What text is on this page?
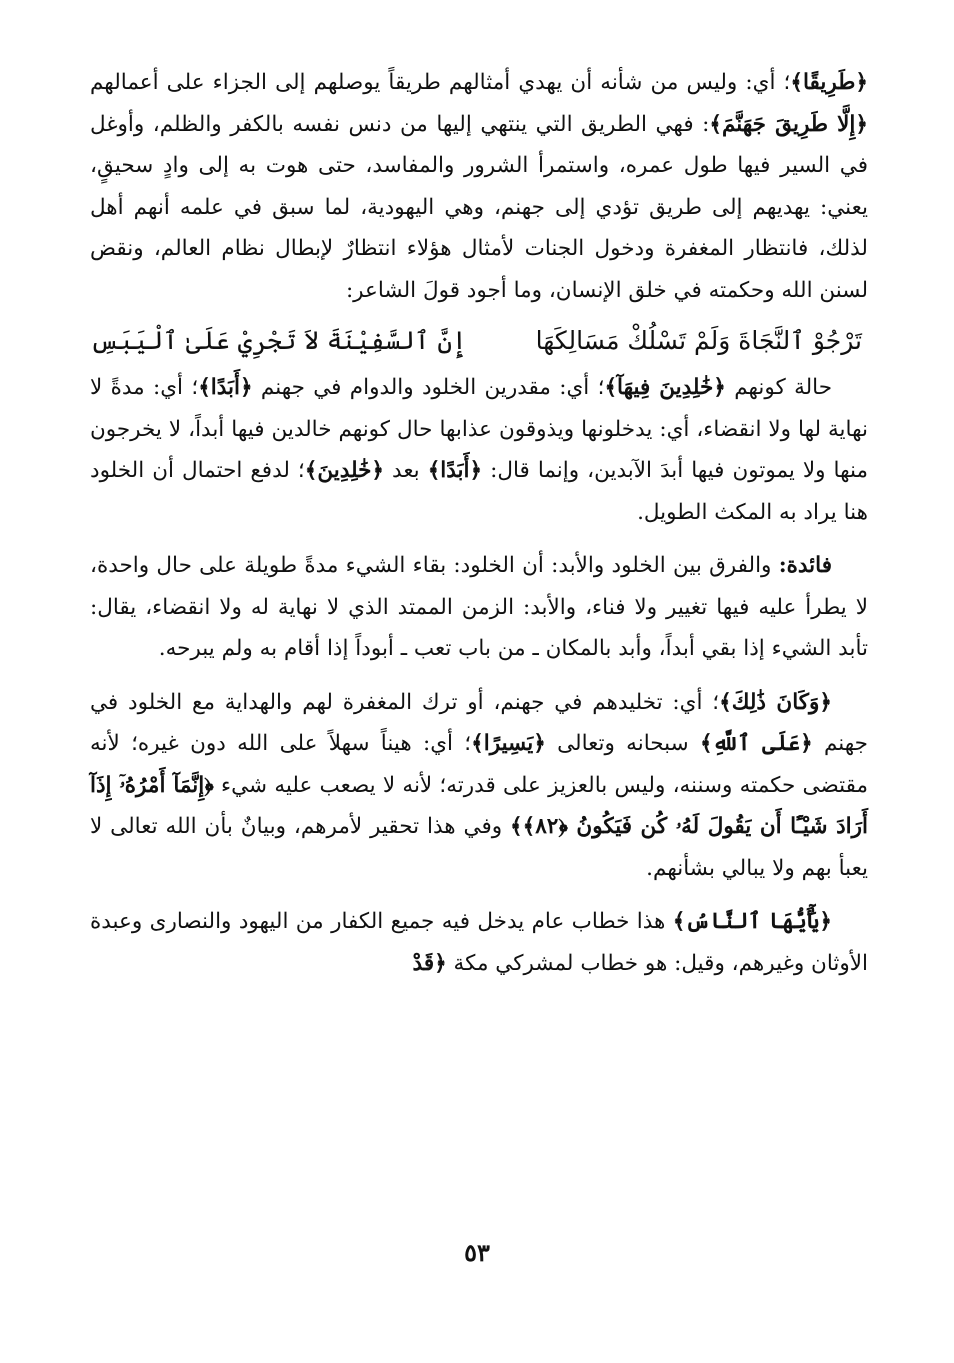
﴿طَرِيقًا﴾؛ أي: وليس من شأنه أن يهدي أمثالهم طريقاً يوصلهم إلى الجزاء على أعمالهم ﴿إِلَّا طَرِيقَ جَهَنَّمَ﴾: فهي الطريق التي ينتهي إليها من دنس نفسه بالكفر والظلم، وأوغل في السير فيها طول عمره، واستمرأ الشرور والمفاسد، حتى هوت به إلى وادٍ سحيقٍ، يعني: يهديهم إلى طريق تؤدي إلى جهنم، وهي اليهودية، لما سبق في علمه أنهم أهل لذلك، فانتظار المغفرة ودخول الجنات لأمثال هؤلاء انتظارٌ لإبطال نظام العالم، ونقض لسنن الله وحكمته في خلق الإنسان، وما أجود قولَ الشاعر:

تَرْجُوْ ٱلنَّجَاةَ وَلَمْ تَسْلُكْ مَسَالِكَهَا
إِنَّ ٱلسَّفِيْنَةَ لاَ تَجْرِيْ عَلَىٰ ٱلْيَبَسِ

حالة كونهم ﴿خَٰلِدِينَ فِيهَآ﴾؛ أي: مقدرين الخلود والدوام في جهنم ﴿أَبَدًا﴾؛ أي: مدةً لا نهاية لها ولا انقضاء، أي: يدخلونها ويذوقون عذابها حال كونهم خالدين فيها أبداً، لا يخرجون منها ولا يموتون فيها أبدَ الآبدين، وإنما قال: ﴿أَبَدًا﴾ بعد ﴿خَٰلِدِينَ﴾؛ لدفع احتمال أن الخلود هنا يراد به المكث الطويل.

فائدة: والفرق بين الخلود والأبد: أن الخلود: بقاء الشيء مدةً طويلة على حال واحدة، لا يطرأ عليه فيها تغيير ولا فناء، والأبد: الزمن الممتد الذي لا نهاية له ولا انقضاء، يقال: تأبد الشيء إذا بقي أبداً، وأبد بالمكان ـ من باب تعب ـ أبوداً إذا أقام به ولم يبرحه.

﴿وَكَانَ ذَٰلِكَ﴾؛ أي: تخليدهم في جهنم، أو ترك المغفرة لهم والهداية مع الخلود في جهنم ﴿عَلَى ٱللَّهِ﴾ سبحانه وتعالى ﴿يَسِيرًا﴾؛ أي: هيناً سهلاً على الله دون غيره؛ لأنه مقتضى حكمته وسننه، وليس بالعزيز على قدرته؛ لأنه لا يصعب عليه شيء ﴿إِنَّمَآ أَمْرُهُۥٓ إِذَآ أَرَادَ شَيْـًٔا أَن يَقُولَ لَهُۥ كُن فَيَكُونُ ﴿٨٢﴾﴾ وفي هذا تحقير لأمرهم، وبيانٌ بأن الله تعالى لا يعبأ بهم ولا يبالي بشأنهم.

﴿يَٰٓأَيُّهَا ٱلنَّاسُ﴾ هذا خطاب عام يدخل فيه جميع الكفار من اليهود والنصارى وعبدة الأوثان وغيرهم، وقيل: هو خطاب لمشركي مكة ﴿قَدْ

٥٣
